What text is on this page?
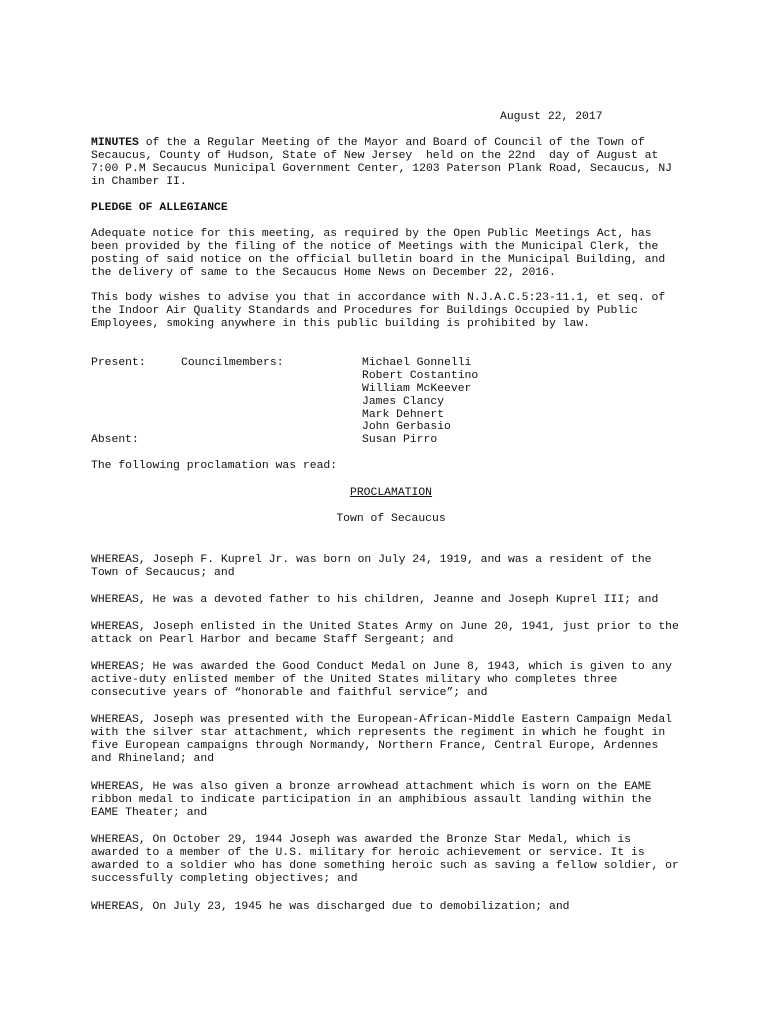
August 22, 2017
MINUTES of the a Regular Meeting of the Mayor and Board of Council of the Town of
Secaucus, County of Hudson, State of New Jersey  held on the 22nd  day of August at
7:00 P.M Secaucus Municipal Government Center, 1203 Paterson Plank Road, Secaucus, NJ
in Chamber II.
PLEDGE OF ALLEGIANCE
Adequate notice for this meeting, as required by the Open Public Meetings Act, has
been provided by the filing of the notice of Meetings with the Municipal Clerk, the
posting of said notice on the official bulletin board in the Municipal Building, and
the delivery of same to the Secaucus Home News on December 22, 2016.
This body wishes to advise you that in accordance with N.J.A.C.5:23-11.1, et seq. of
the Indoor Air Quality Standards and Procedures for Buildings Occupied by Public
Employees, smoking anywhere in this public building is prohibited by law.
Present:	Councilmembers:	Michael Gonnelli
Robert Costantino
William McKeever
James Clancy
Mark Dehnert
John Gerbasio
Susan Pirro
Absent:
The following proclamation was read:
PROCLAMATION
Town of Secaucus
WHEREAS, Joseph F. Kuprel Jr. was born on July 24, 1919, and was a resident of the
Town of Secaucus; and
WHEREAS, He was a devoted father to his children, Jeanne and Joseph Kuprel III; and
WHEREAS, Joseph enlisted in the United States Army on June 20, 1941, just prior to the
attack on Pearl Harbor and became Staff Sergeant; and
WHEREAS; He was awarded the Good Conduct Medal on June 8, 1943, which is given to any
active-duty enlisted member of the United States military who completes three
consecutive years of “honorable and faithful service”; and
WHEREAS, Joseph was presented with the European-African-Middle Eastern Campaign Medal
with the silver star attachment, which represents the regiment in which he fought in
five European campaigns through Normandy, Northern France, Central Europe, Ardennes
and Rhineland; and
WHEREAS, He was also given a bronze arrowhead attachment which is worn on the EAME
ribbon medal to indicate participation in an amphibious assault landing within the
EAME Theater; and
WHEREAS, On October 29, 1944 Joseph was awarded the Bronze Star Medal, which is
awarded to a member of the U.S. military for heroic achievement or service. It is
awarded to a soldier who has done something heroic such as saving a fellow soldier, or
successfully completing objectives; and
WHEREAS, On July 23, 1945 he was discharged due to demobilization; and
